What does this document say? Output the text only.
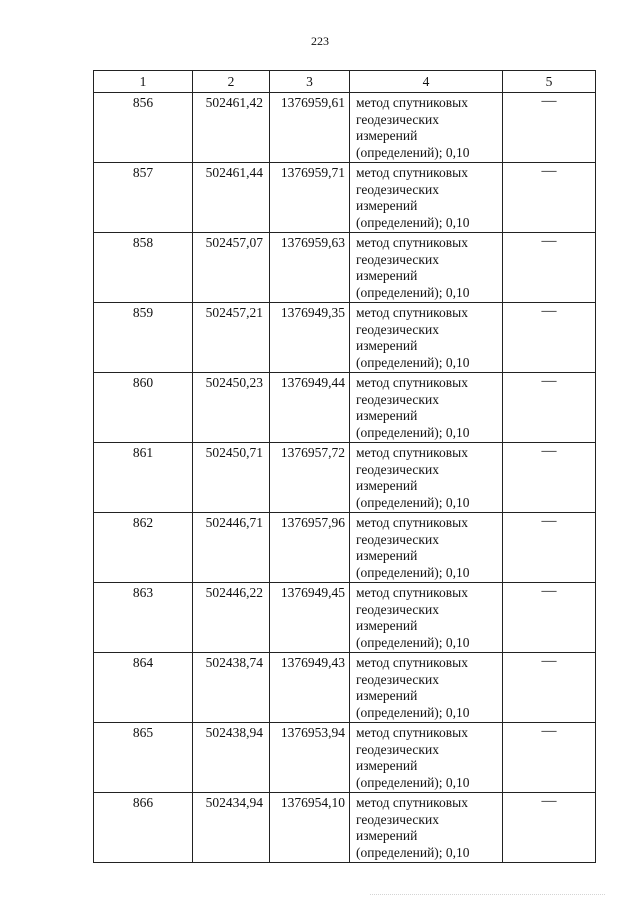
223
1	2	3	4	5
856	502461,42	1376959,61	метод спутниковых геодезических измерений (определений); 0,10	—
857	502461,44	1376959,71	метод спутниковых геодезических измерений (определений); 0,10	—
858	502457,07	1376959,63	метод спутниковых геодезических измерений (определений); 0,10	—
859	502457,21	1376949,35	метод спутниковых геодезических измерений (определений); 0,10	—
860	502450,23	1376949,44	метод спутниковых геодезических измерений (определений); 0,10	—
861	502450,71	1376957,72	метод спутниковых геодезических измерений (определений); 0,10	—
862	502446,71	1376957,96	метод спутниковых геодезических измерений (определений); 0,10	—
863	502446,22	1376949,45	метод спутниковых геодезических измерений (определений); 0,10	—
864	502438,74	1376949,43	метод спутниковых геодезических измерений (определений); 0,10	—
865	502438,94	1376953,94	метод спутниковых геодезических измерений (определений); 0,10	—
866	502434,94	1376954,10	метод спутниковых геодезических измерений (определений); 0,10	—
